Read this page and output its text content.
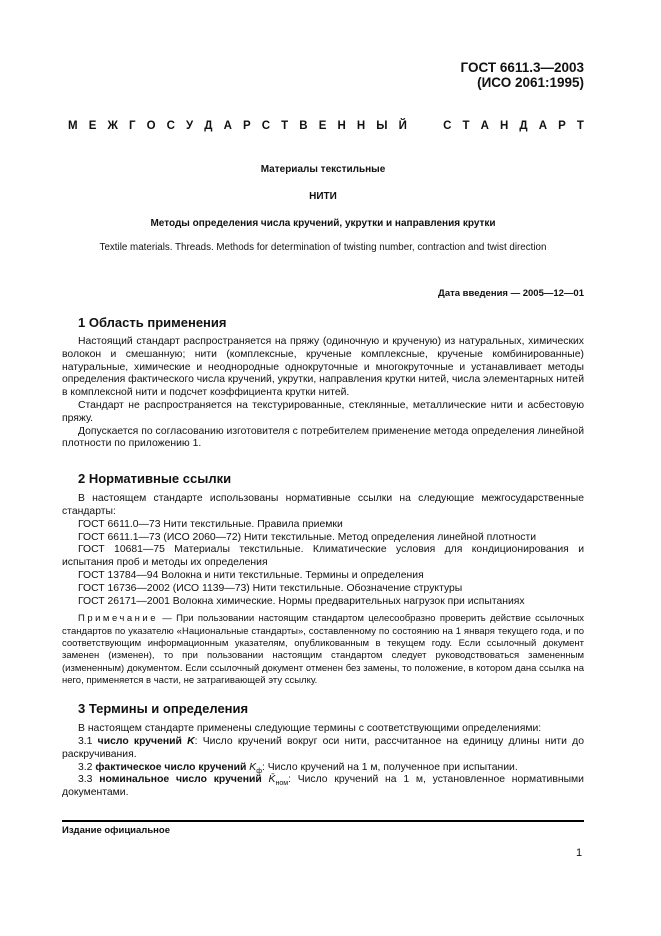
ГОСТ 6611.3—2003
(ИСО 2061:1995)
М Е Ж Г О С У Д А Р С Т В Е Н Н Ы Й	С Т А Н Д А Р Т
Материалы текстильные
НИТИ
Методы определения числа кручений, укрутки и направления крутки
Textile materials. Threads. Methods for determination of twisting number, contraction and twist direction
Дата введения — 2005—12—01
1 Область применения

Настоящий стандарт распространяется на пряжу (одиночную и крученую) из натуральных, химических волокон и смешанную; нити (комплексные, крученые комплексные, крученые комбинированные) натуральные, химические и неоднородные однокруточные и многокруточные и устанавливает методы определения фактического числа кручений, укрутки, направления крутки нитей, числа элементарных нитей в комплексной нити и подсчет коэффициента крутки нитей.

Стандарт не распространяется на текстурированные, стеклянные, металлические нити и асбестовую пряжу.

Допускается по согласованию изготовителя с потребителем применение метода определения линейной плотности по приложению 1.

2 Нормативные ссылки

В настоящем стандарте использованы нормативные ссылки на следующие межгосударственные стандарты:

ГОСТ 6611.0—73 Нити текстильные. Правила приемки

ГОСТ 6611.1—73 (ИСО 2060—72) Нити текстильные. Метод определения линейной плотности

ГОСТ 10681—75 Материалы текстильные. Климатические условия для кондиционирования и испытания проб и методы их определения

ГОСТ 13784—94 Волокна и нити текстильные. Термины и определения

ГОСТ 16736—2002 (ИСО 1139—73) Нити текстильные. Обозначение структуры

ГОСТ 26171—2001 Волокна химические. Нормы предварительных нагрузок при испытаниях

Примечание — При пользовании настоящим стандартом целесообразно проверить действие ссылочных стандартов по указателю «Национальные стандарты», составленному по состоянию на 1 января текущего года, и по соответствующим информационным указателям, опубликованным в текущем году. Если ссылочный документ заменен (изменен), то при пользовании настоящим стандартом следует руководствоваться замененным (измененным) документом. Если ссылочный документ отменен без замены, то положение, в котором дана ссылка на него, применяется в части, не затрагивающей эту ссылку.

3 Термины и определения

В настоящем стандарте применены следующие термины с соответствующими определениями:

3.1 число кручений K: Число кручений вокруг оси нити, рассчитанное на единицу длины нити до раскручивания.

3.2 фактическое число кручений $K_ф$: Число кручений на 1 м, полученное при испытании.

3.3 номинальное число кручений $K̄_{ном}$: Число кручений на 1 м, установленное нормативными документами.

Издание официальное
1
